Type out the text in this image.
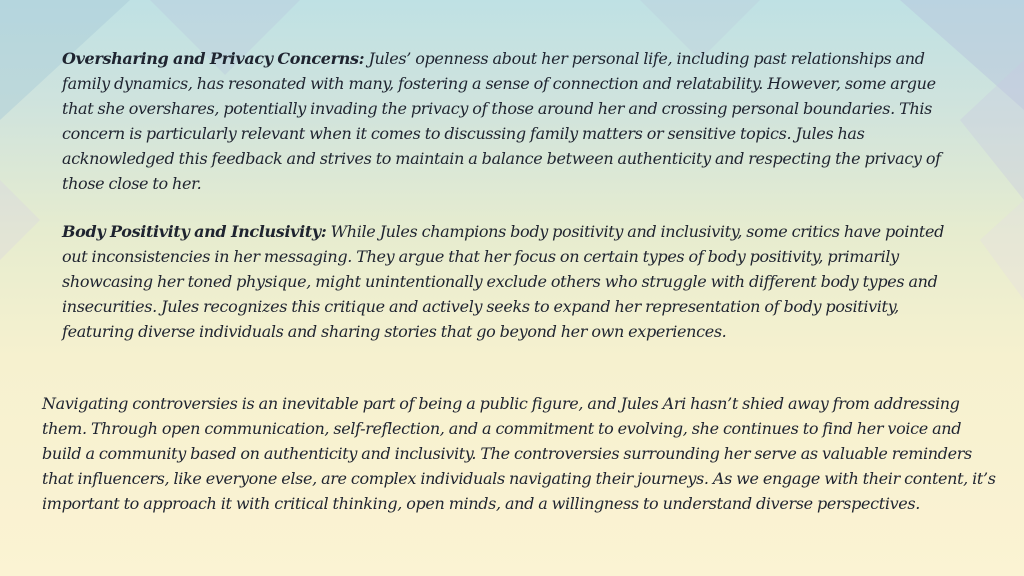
Oversharing and Privacy Concerns: Jules’ openness about her personal life, including past relationships and family dynamics, has resonated with many, fostering a sense of connection and relatability. However, some argue that she overshares, potentially invading the privacy of those around her and crossing personal boundaries. This concern is particularly relevant when it comes to discussing family matters or sensitive topics. Jules has acknowledged this feedback and strives to maintain a balance between authenticity and respecting the privacy of those close to her.

Body Positivity and Inclusivity: While Jules champions body positivity and inclusivity, some critics have pointed out inconsistencies in her messaging. They argue that her focus on certain types of body positivity, primarily showcasing her toned physique, might unintentionally exclude others who struggle with different body types and insecurities. Jules recognizes this critique and actively seeks to expand her representation of body positivity, featuring diverse individuals and sharing stories that go beyond her own experiences.

Navigating controversies is an inevitable part of being a public figure, and Jules Ari hasn’t shied away from addressing them. Through open communication, self-reflection, and a commitment to evolving, she continues to find her voice and build a community based on authenticity and inclusivity. The controversies surrounding her serve as valuable reminders that influencers, like everyone else, are complex individuals navigating their journeys. As we engage with their content, it’s important to approach it with critical thinking, open minds, and a willingness to understand diverse perspectives.
